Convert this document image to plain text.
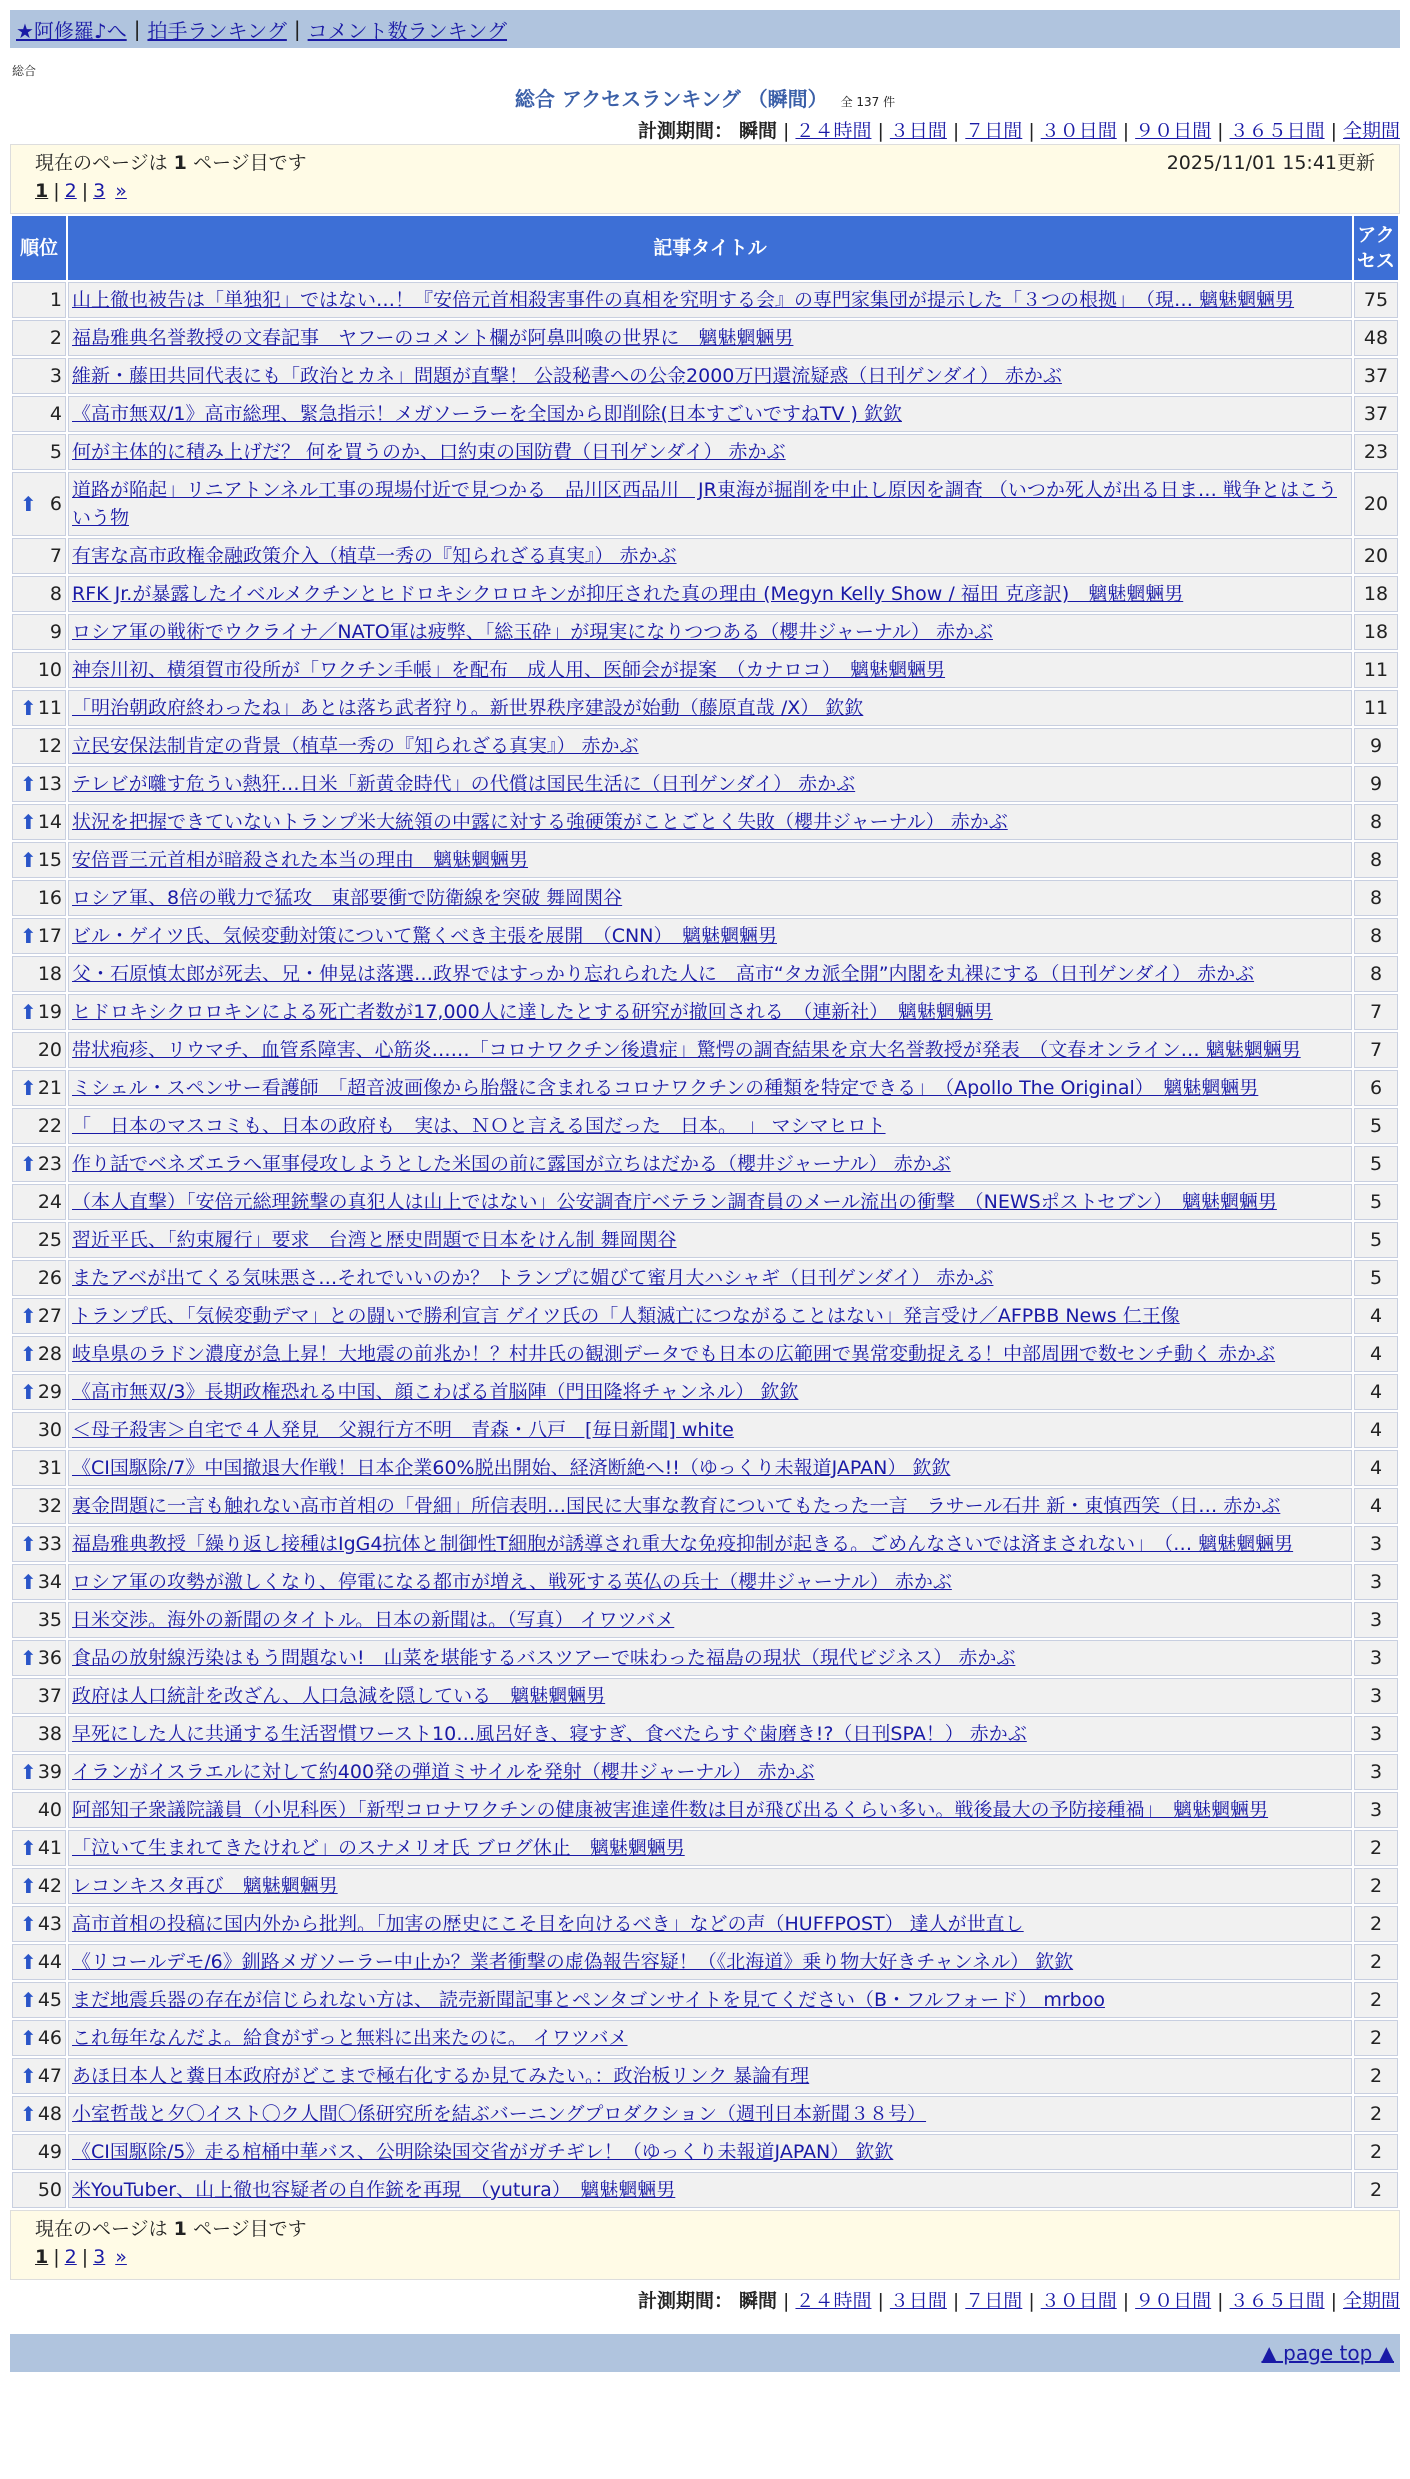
★阿修羅♪へ | 拍手ランキング | コメント数ランキング
総合
総合 アクセスランキング （瞬間） 全 137 件
計測期間： 瞬間 | ２４時間 | ３日間 | ７日間 | ３０日間 | ９０日間 | ３６５日間 | 全期間
現在のページは 1 ページ目です	2025/11/01 15:41更新
1 | 2 | 3 »
順位	記事タイトル	アクセス
1	山上徹也被告は「単独犯」ではない…！『安倍元首相殺害事件の真相を究明する会』の専門家集団が提示した「３つの根拠」　（現… 魑魅魍魎男	75
2	福島雅典名誉教授の文春記事　ヤフーのコメント欄が阿鼻叫喚の世界に　魑魅魍魎男	48
3	維新・藤田共同代表にも「政治とカネ」問題が直撃！ 公設秘書への公金2000万円還流疑惑（日刊ゲンダイ） 赤かぶ	37
4	《高市無双/1》高市総理、緊急指示！メガソーラーを全国から即削除(日本すごいですねTV ) 欽欽	37
5	何が主体的に積み上げだ？ 何を買うのか、口約束の国防費（日刊ゲンダイ） 赤かぶ	23

⬆ 6	道路が陥起」リニアトンネル工事の現場付近で見つかる　品川区西品川　JR東海が掘削を中止し原因を調査 （いつか死人が出る日ま… 戦争とはこういう物	20
7	有害な高市政権金融政策介入（植草一秀の『知られざる真実』） 赤かぶ	20
8	RFK Jr.が暴露したイベルメクチンとヒドロキシクロロキンが抑圧された真の理由 (Megyn Kelly Show / 福田 克彦訳)　魑魅魍魎男	18
9	ロシア軍の戦術でウクライナ／NATO軍は疲弊、「総玉砕」が現実になりつつある（櫻井ジャーナル） 赤かぶ	18
10	神奈川初、横須賀市役所が「ワクチン手帳」を配布　成人用、医師会が提案　（カナロコ）　魑魅魍魎男	11

⬆ 11	「明治朝政府終わったね」あとは落ち武者狩り。新世界秩序建設が始動（藤原直哉 /X） 欽欽	11
12	立民安保法制肯定の背景（植草一秀の『知られざる真実』） 赤かぶ	9

⬆ 13	テレビが囃す危うい熱狂…日米「新黄金時代」の代償は国民生活に（日刊ゲンダイ） 赤かぶ	9

⬆ 14	状況を把握できていないトランプ米大統領の中露に対する強硬策がことごとく失敗（櫻井ジャーナル） 赤かぶ	8

⬆ 15	安倍晋三元首相が暗殺された本当の理由　魑魅魍魎男	8
16	ロシア軍、8倍の戦力で猛攻　東部要衝で防衛線を突破 舞岡関谷	8

⬆ 17	ビル・ゲイツ氏、気候変動対策について驚くべき主張を展開　（CNN）　魑魅魍魎男	8
18	父・石原慎太郎が死去、兄・伸晃は落選…政界ではすっかり忘れられた人に　高市“タカ派全開”内閣を丸裸にする（日刊ゲンダイ） 赤かぶ	8

⬆ 19	ヒドロキシクロロキンによる死亡者数が17,000人に達したとする研究が撤回される　（連新社）　魑魅魍魎男	7
20	帯状疱疹、リウマチ、血管系障害、心筋炎……「コロナワクチン後遺症」驚愕の調査結果を京大名誉教授が発表　（文春オンライン… 魑魅魍魎男	7

⬆ 21	ミシェル・スペンサー看護師　「超音波画像から胎盤に含まれるコロナワクチンの種類を特定できる」　（Apollo The Original）　魑魅魍魎男	6
22	「　日本のマスコミも、日本の政府も　実は、ＮＯと言える国だった　日本。　」 マシマヒロト	5

⬆ 23	作り話でベネズエラへ軍事侵攻しようとした米国の前に露国が立ちはだかる（櫻井ジャーナル） 赤かぶ	5
24	（本人直撃）「安倍元総理銃撃の真犯人は山上ではない」公安調査庁ベテラン調査員のメール流出の衝撃　（NEWSポストセブン）　魑魅魍魎男	5
25	習近平氏、「約束履行」要求　台湾と歴史問題で日本をけん制 舞岡関谷	5
26	またアベが出てくる気味悪さ…それでいいのか？ トランプに媚びて蜜月大ハシャギ（日刊ゲンダイ） 赤かぶ	5

⬆ 27	トランプ氏、「気候変動デマ」との闘いで勝利宣言 ゲイツ氏の「人類滅亡につながることはない」発言受け／AFPBB News 仁王像	4

⬆ 28	岐阜県のラドン濃度が急上昇！大地震の前兆か！？村井氏の観測データでも日本の広範囲で異常変動捉える！中部周囲で数センチ動く 赤かぶ	4

⬆ 29	《高市無双/3》長期政権恐れる中国、顔こわばる首脳陣（門田隆将チャンネル） 欽欽	4
30	＜母子殺害＞自宅で４人発見　父親行方不明　青森・八戸　[毎日新聞] white	4
31	《CI国駆除/7》中国撤退大作戦！日本企業60%脱出開始、経済断絶へ!!（ゆっくり未報道JAPAN） 欽欽	4
32	裏金問題に一言も触れない高市首相の「骨細」所信表明…国民に大事な教育についてもたった一言　ラサール石井 新・東慎西笑（日… 赤かぶ	4

⬆ 33	福島雅典教授「繰り返し接種はIgG4抗体と制御性T細胞が誘導され重大な免疫抑制が起きる。ごめんなさいでは済まされない」　（… 魑魅魍魎男	3

⬆ 34	ロシア軍の攻勢が激しくなり、停電になる都市が増え、戦死する英仏の兵士（櫻井ジャーナル） 赤かぶ	3
35	日米交渉。海外の新聞のタイトル。日本の新聞は。（写真） イワツバメ	3

⬆ 36	食品の放射線汚染はもう問題ない!　山菜を堪能するバスツアーで味わった福島の現状（現代ビジネス） 赤かぶ	3
37	政府は人口統計を改ざん、人口急減を隠している　魑魅魍魎男	3
38	早死にした人に共通する生活習慣ワースト10…風呂好き、寝すぎ、食べたらすぐ歯磨き!?（日刊SPA！） 赤かぶ	3

⬆ 39	イランがイスラエルに対して約400発の弾道ミサイルを発射（櫻井ジャーナル） 赤かぶ	3
40	阿部知子衆議院議員（小児科医）「新型コロナワクチンの健康被害進達件数は目が飛び出るくらい多い。戦後最大の予防接種禍」　魑魅魍魎男	3

⬆ 41	「泣いて生まれてきたけれど」のスナメリオ氏 ブログ休止　魑魅魍魎男	2

⬆ 42	レコンキスタ再び　魑魅魍魎男	2

⬆ 43	高市首相の投稿に国内外から批判。「加害の歴史にこそ目を向けるべき」などの声（HUFFPOST） 達人が世直し	2

⬆ 44	《リコールデモ/6》釧路メガソーラー中止か？業者衝撃の虚偽報告容疑！（《北海道》乗り物大好きチャンネル） 欽欽	2

⬆ 45	まだ地震兵器の存在が信じられない方は、 読売新聞記事とペンタゴンサイトを見てください（B・フルフォード） mrboo	2

⬆ 46	これ毎年なんだよ。給食がずっと無料に出来たのに。 イワツバメ	2

⬆ 47	あほ日本人と糞日本政府がどこまで極右化するか見てみたい。：政治板リンク 暴論有理	2

⬆ 48	小室哲哉と夕〇イスト〇ク人間〇係研究所を結ぶバーニングプロダクション（週刊日本新聞３８号）	2
49	《CI国駆除/5》走る棺桶中華バス、公明除染国交省がガチギレ！（ゆっくり未報道JAPAN） 欽欽	2
50	米YouTuber、山上徹也容疑者の自作銃を再現　（yutura）　魑魅魍魎男	2
現在のページは 1 ページ目です
1 | 2 | 3 »
計測期間： 瞬間 | ２４時間 | ３日間 | ７日間 | ３０日間 | ９０日間 | ３６５日間 | 全期間
▲ page top ▲
